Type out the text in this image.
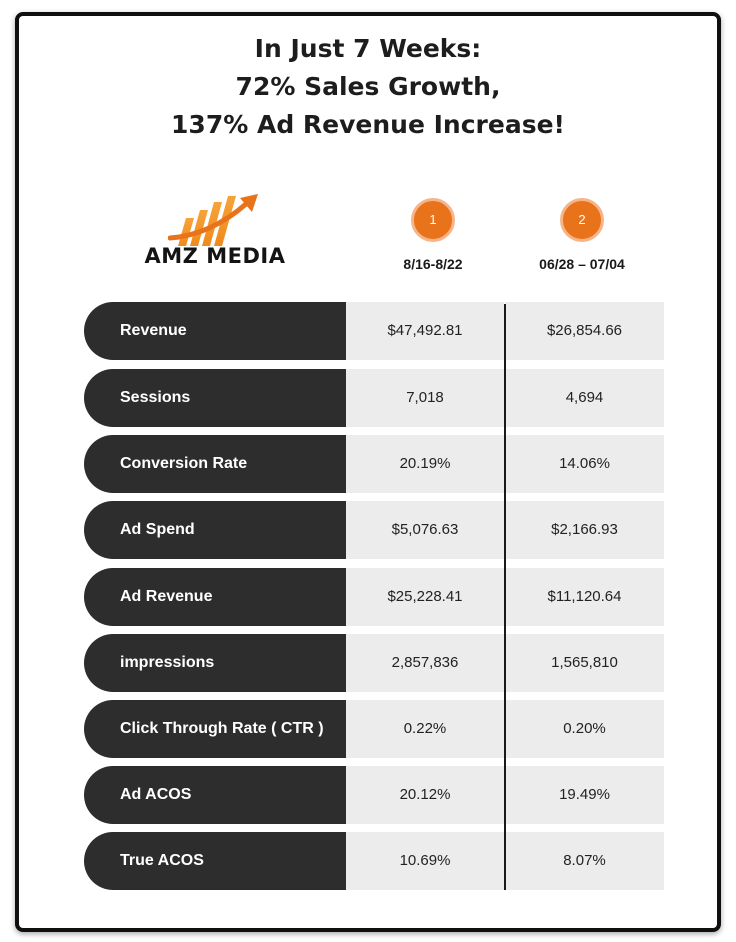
In Just 7 Weeks:
72% Sales Growth,
137% Ad Revenue Increase!
AMZ MEDIA
1
8/16-8/22
2
06/28 – 07/04
Revenue	$47,492.81	$26,854.66
Sessions	7,018	4,694
Conversion Rate	20.19%	14.06%
Ad Spend	$5,076.63	$2,166.93
Ad Revenue	$25,228.41	$11,120.64
impressions	2,857,836	1,565,810
Click Through Rate ( CTR )	0.22%	0.20%
Ad ACOS	20.12%	19.49%
True ACOS	10.69%	8.07%
